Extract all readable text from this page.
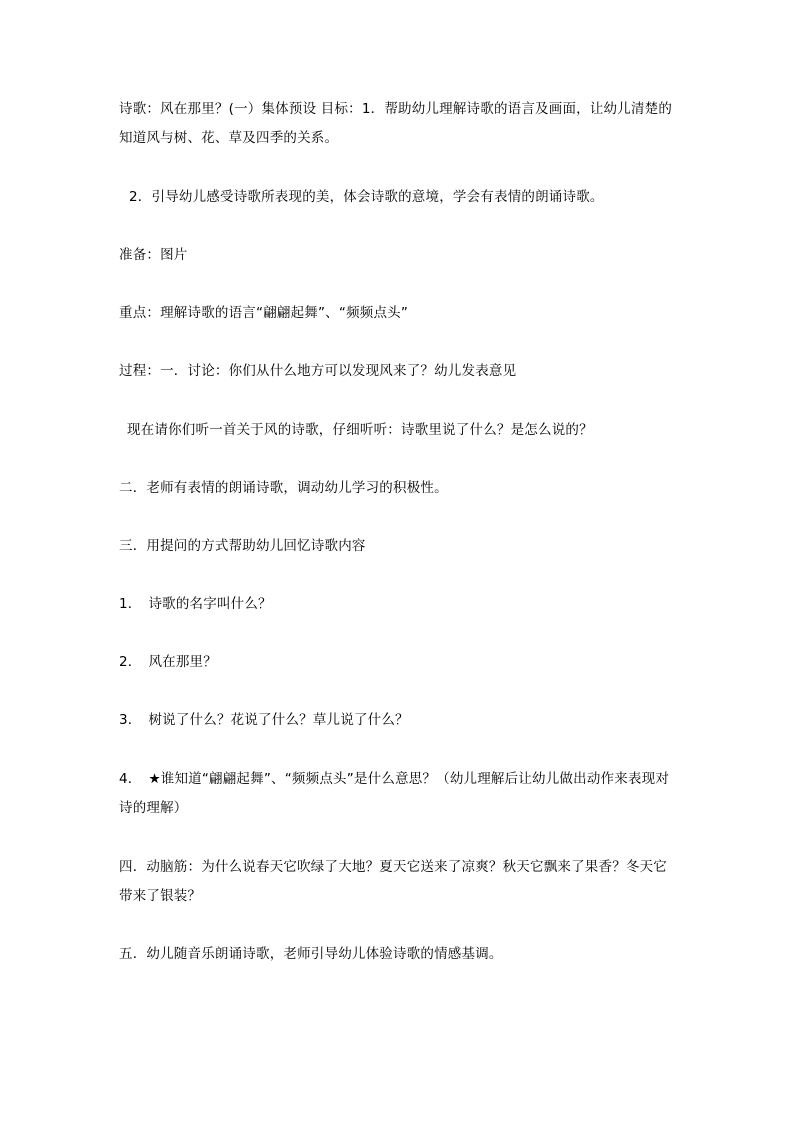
诗歌：风在那里？(一）集体预设 目标：1．帮助幼儿理解诗歌的语言及画面，让幼儿清楚的知道风与树、花、草及四季的关系。
2．引导幼儿感受诗歌所表现的美，体会诗歌的意境，学会有表情的朗诵诗歌。
准备：图片
重点：理解诗歌的语言“翩翩起舞”、“频频点头”
过程：一．讨论：你们从什么地方可以发现风来了？幼儿发表意见
现在请你们听一首关于风的诗歌，仔细听听：诗歌里说了什么？是怎么说的？
二．老师有表情的朗诵诗歌，调动幼儿学习的积极性。
三．用提问的方式帮助幼儿回忆诗歌内容
1．　诗歌的名字叫什么？
2．　风在那里？
3．　树说了什么？花说了什么？草儿说了什么？
4．　★谁知道“翩翩起舞”、“频频点头”是什么意思？（幼儿理解后让幼儿做出动作来表现对诗的理解）
四．动脑筋：为什么说春天它吹绿了大地？夏天它送来了凉爽？秋天它飘来了果香？冬天它带来了银装？
五．幼儿随音乐朗诵诗歌，老师引导幼儿体验诗歌的情感基调。
